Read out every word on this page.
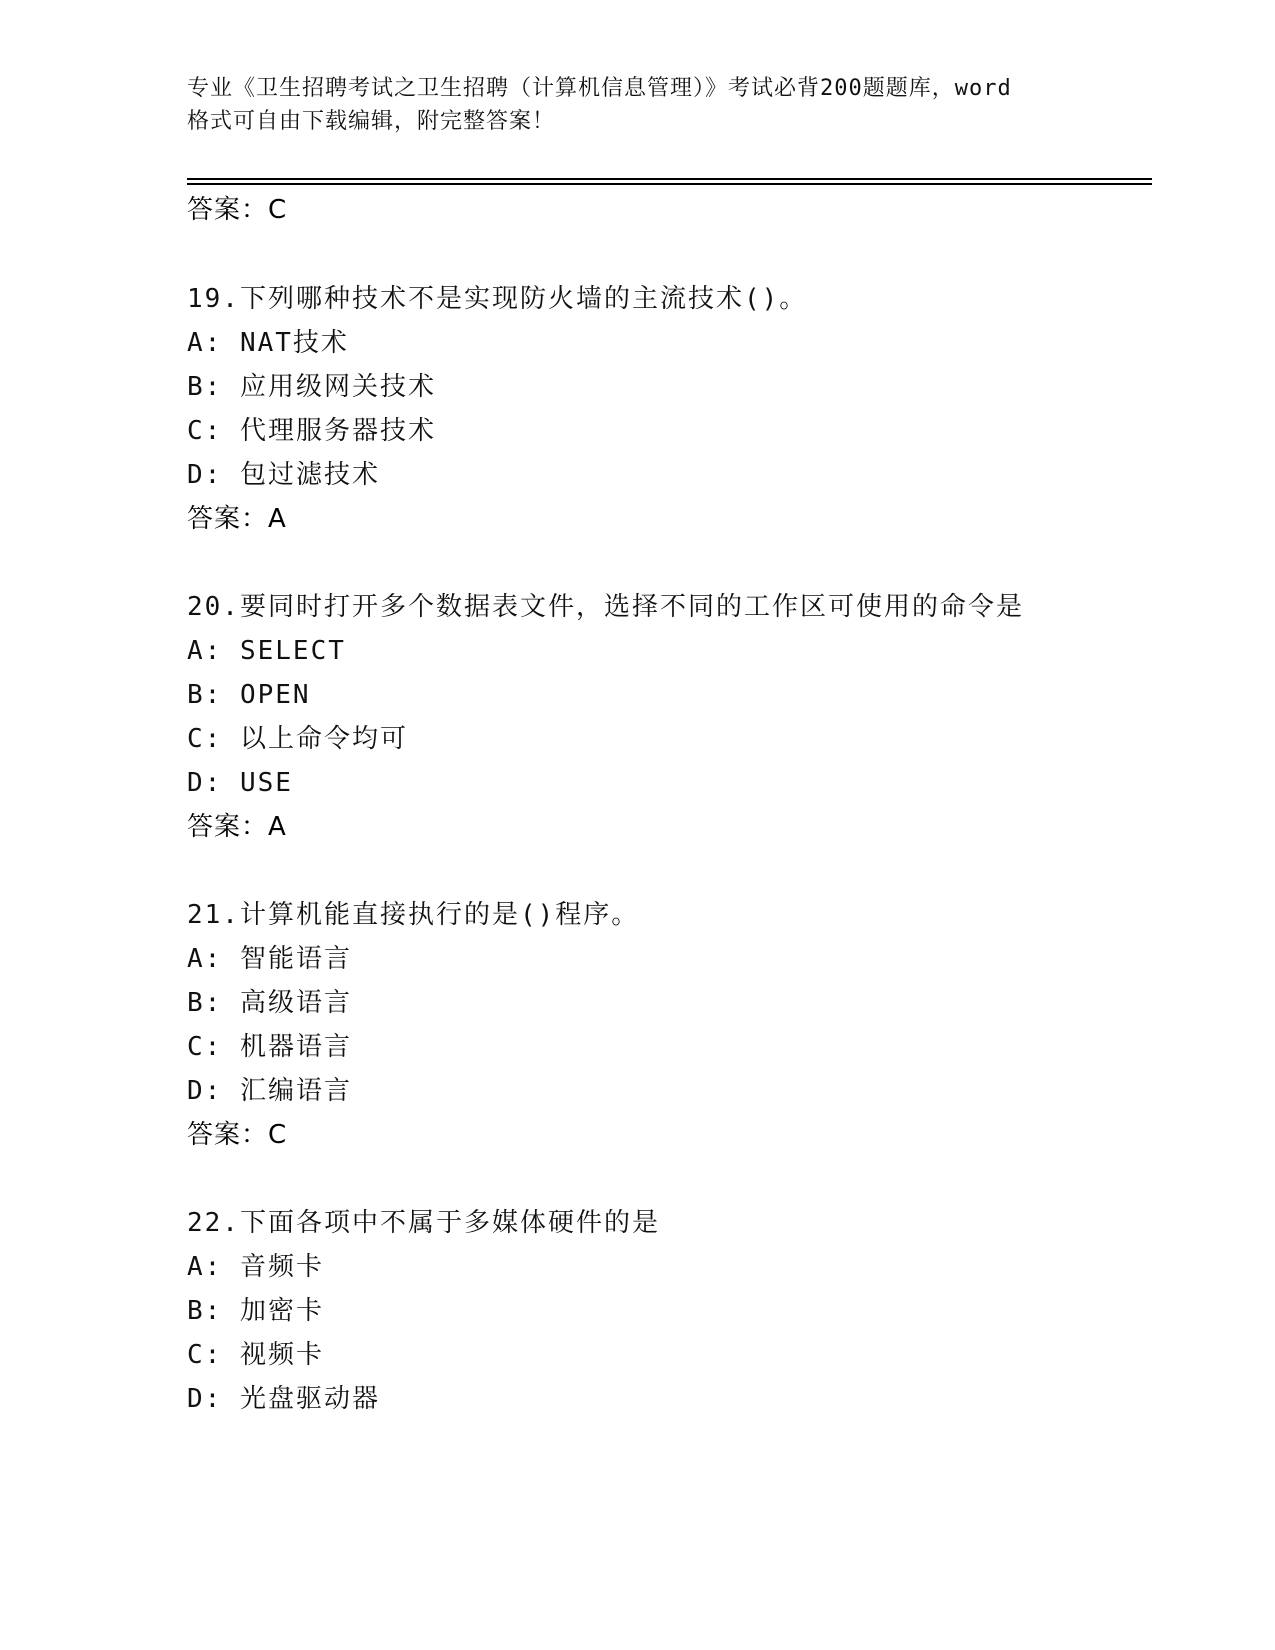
专业《卫生招聘考试之卫生招聘（计算机信息管理）》考试必背200题题库，word
格式可自由下载编辑，附完整答案！
答案：C
19.下列哪种技术不是实现防火墙的主流技术()。
A: NAT技术
B: 应用级网关技术
C: 代理服务器技术
D: 包过滤技术
答案：A
20.要同时打开多个数据表文件，选择不同的工作区可使用的命令是
A: SELECT
B: OPEN
C: 以上命令均可
D: USE
答案：A
21.计算机能直接执行的是()程序。
A: 智能语言
B: 高级语言
C: 机器语言
D: 汇编语言
答案：C
22.下面各项中不属于多媒体硬件的是
A: 音频卡
B: 加密卡
C: 视频卡
D: 光盘驱动器
